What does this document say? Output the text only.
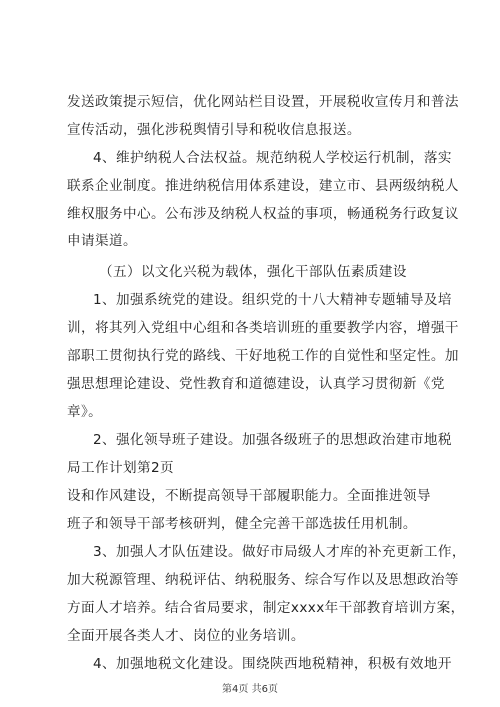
发送政策提示短信，优化网站栏目设置，开展税收宣传月和普法
宣传活动，强化涉税舆情引导和税收信息报送。
4、维护纳税人合法权益。规范纳税人学校运行机制，落实
联系企业制度。推进纳税信用体系建设，建立市、县两级纳税人
维权服务中心。公布涉及纳税人权益的事项，畅通税务行政复议
申请渠道。
（五）以文化兴税为载体，强化干部队伍素质建设
1、加强系统党的建设。组织党的十八大精神专题辅导及培
训，将其列入党组中心组和各类培训班的重要教学内容，增强干
部职工贯彻执行党的路线、干好地税工作的自觉性和坚定性。加
强思想理论建设、党性教育和道德建设，认真学习贯彻新《党
章》。
2、强化领导班子建设。加强各级班子的思想政治建市地税
局工作计划第2页
设和作风建设，不断提高领导干部履职能力。全面推进领导
班子和领导干部考核研判，健全完善干部选拔任用机制。
3、加强人才队伍建设。做好市局级人才库的补充更新工作，
加大税源管理、纳税评估、纳税服务、综合写作以及思想政治等
方面人才培养。结合省局要求，制定xxxx年干部教育培训方案，
全面开展各类人才、岗位的业务培训。
4、加强地税文化建设。围绕陕西地税精神，积极有效地开
第4页 共6页
